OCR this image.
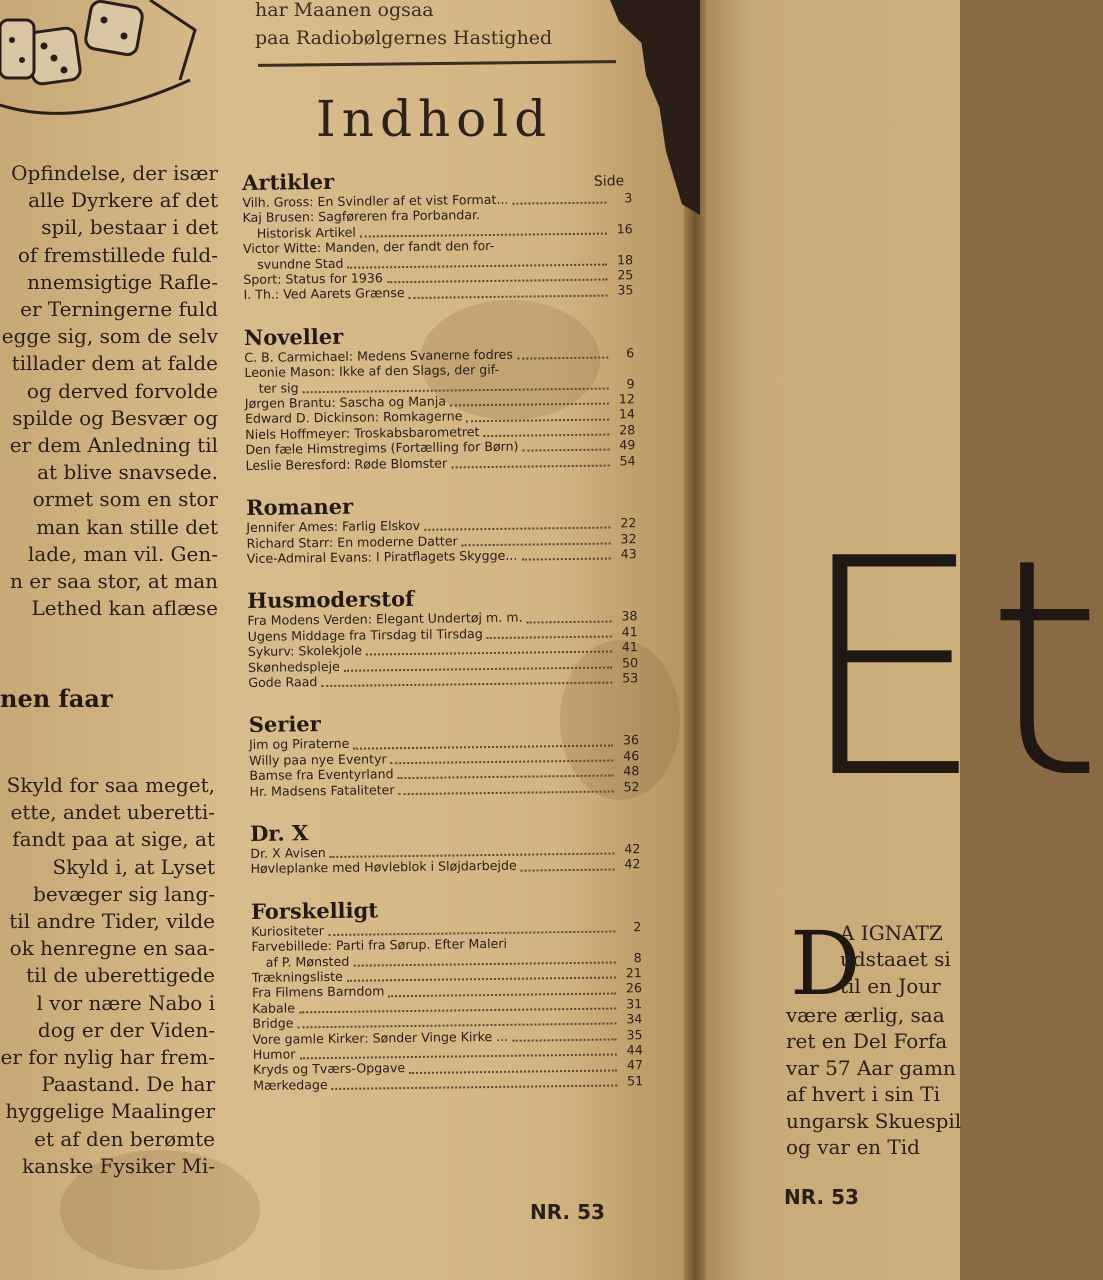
har Maanen ogsaa
paa Radiobølgernes Hastighed
Opfindelse, der især
alle Dyrkere af det
spil, bestaar i det
of fremstillede fuld-
nnemsigtige Rafle-
er Terningerne fuld
egge sig, som de selv
tillader dem at falde
og derved forvolde
spilde og Besvær og
er dem Anledning til
at blive snavsede.
ormet som en stor
man kan stille det
lade, man vil. Gen-
n er saa stor, at man
Lethed kan aflæse
nen faar
Skyld for saa meget,
ette, andet uberetti-
fandt paa at sige, at
Skyld i, at Lyset
bevæger sig lang-
til andre Tider, vilde
ok henregne en saa-
til de uberettigede
l vor nære Nabo i
dog er der Viden-
er for nylig har frem-
Paastand. De har
hyggelige Maalinger
et af den berømte
kanske Fysiker Mi-
Indhold
Artikler	Side
Vilh. Gross: En Svindler af et vist Format...	3
Kaj Brusen: Sagføreren fra Porbandar.
Historisk Artikel	16
Victor Witte: Manden, der fandt den for-
svundne Stad	18
Sport: Status for 1936	25
I. Th.: Ved Aarets Grænse	35
Noveller
C. B. Carmichael: Medens Svanerne fodres	6
Leonie Mason: Ikke af den Slags, der gif-
ter sig	9
Jørgen Brantu: Sascha og Manja	12
Edward D. Dickinson: Romkagerne	14
Niels Hoffmeyer: Troskabsbarometret	28
Den fæle Himstregims (Fortælling for Børn)	49
Leslie Beresford: Røde Blomster	54
Romaner
Jennifer Ames: Farlig Elskov	22
Richard Starr: En moderne Datter	32
Vice-Admiral Evans: I Piratflagets Skygge...	43
Husmoderstof
Fra Modens Verden: Elegant Undertøj m. m.	38
Ugens Middage fra Tirsdag til Tirsdag	41
Sykurv: Skolekjole	41
Skønhedspleje	50
Gode Raad	53
Serier
Jim og Piraterne	36
Willy paa nye Eventyr	46
Bamse fra Eventyrland	48
Hr. Madsens Fataliteter	52
Dr. X
Dr. X Avisen	42
Høvleplanke med Høvleblok i Sløjdarbejde	42
Forskelligt
Kuriositeter	2
Farvebillede: Parti fra Sørup. Efter Maleri
af P. Mønsted	8
Trækningsliste	21
Fra Filmens Barndom	26
Kabale	31
Bridge	34
Vore gamle Kirker: Sønder Vinge Kirke ...	35
Humor	44
Kryds og Tværs-Opgave	47
Mærkedage	51
NR. 53
Et
D
A IGNATZ
udstaaet si
til en Jour
være ærlig, saa
ret en Del Forfa
var 57 Aar gamn
af hvert i sin Ti
ungarsk Skuespil
og var en Tid
NR. 53
